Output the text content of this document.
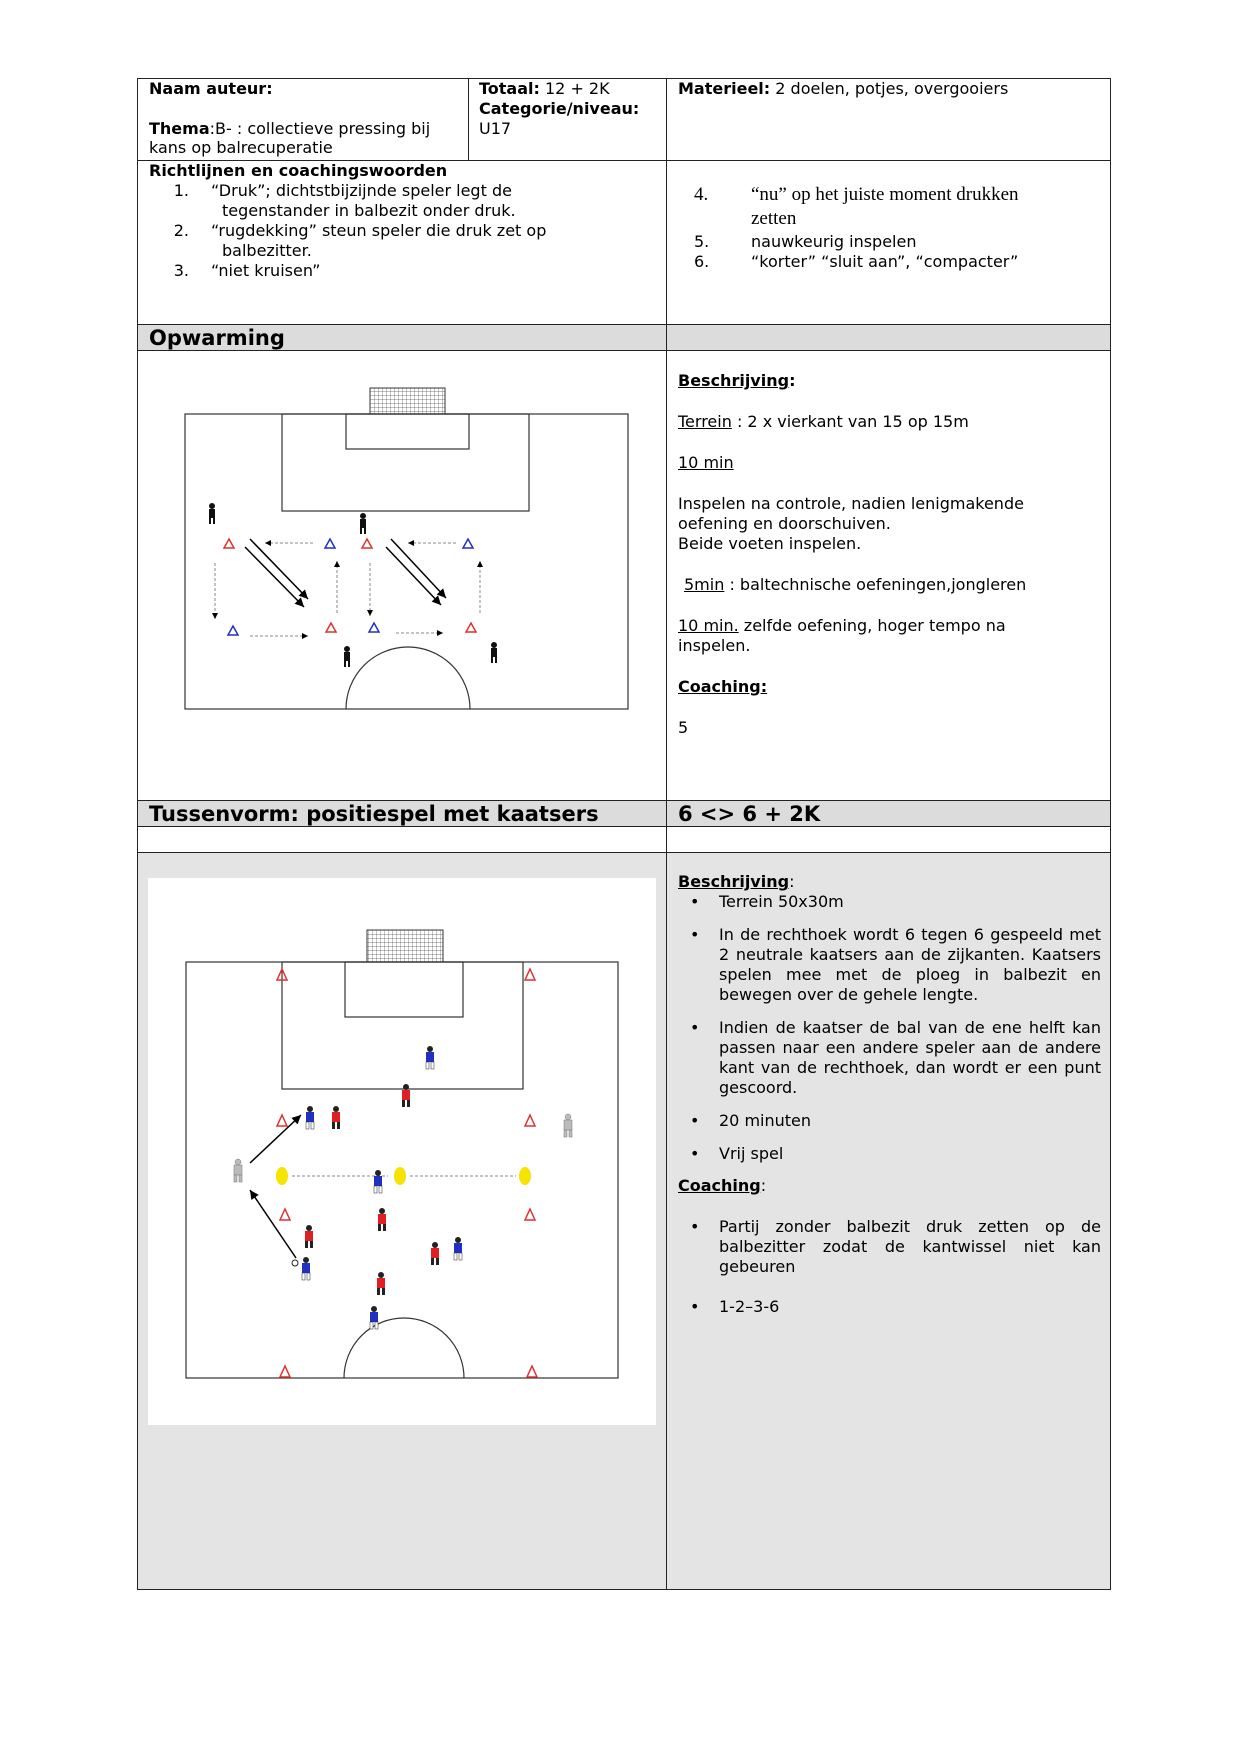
Naam auteur:
Thema:B- : collectieve pressing bij kans op balrecuperatie
Totaal: 12 + 2K
Categorie/niveau:
U17
Materieel: 2 doelen, potjes, overgooiers
Richtlijnen en coachingswoorden
1. “Druk”; dichtstbijzijnde speler legt de
tegenstander in balbezit onder druk.
2. “rugdekking” steun speler die druk zet op
balbezitter.
3. “niet kruisen”
4. “nu” op het juiste moment drukken
zetten
5.	nauwkeurig inspelen
6.	“korter” “sluit aan”, “compacter”
Opwarming
Beschrijving:
Terrein : 2 x vierkant van 15 op 15m
10 min
Inspelen na controle, nadien lenigmakende
oefening en doorschuiven.
Beide voeten inspelen.
5min : baltechnische oefeningen,jongleren
10 min. zelfde oefening, hoger tempo na
inspelen.
Coaching:
5
Tussenvorm: positiespel met kaatsers	6 <> 6 + 2K
Beschrijving:
• Terrein 50x30m
• In de rechthoek wordt 6 tegen 6 gespeeld met 2 neutrale kaatsers aan de zijkanten. Kaatsers spelen mee met de ploeg in balbezit en bewegen over de gehele lengte.
• Indien de kaatser de bal van de ene helft kan passen naar een andere speler aan de andere kant van de rechthoek, dan wordt er een punt gescoord.
• 20 minuten
• Vrij spel
Coaching:
• Partij zonder balbezit druk zetten op de balbezitter zodat de kantwissel niet kan gebeuren
• 1-2–3-6
